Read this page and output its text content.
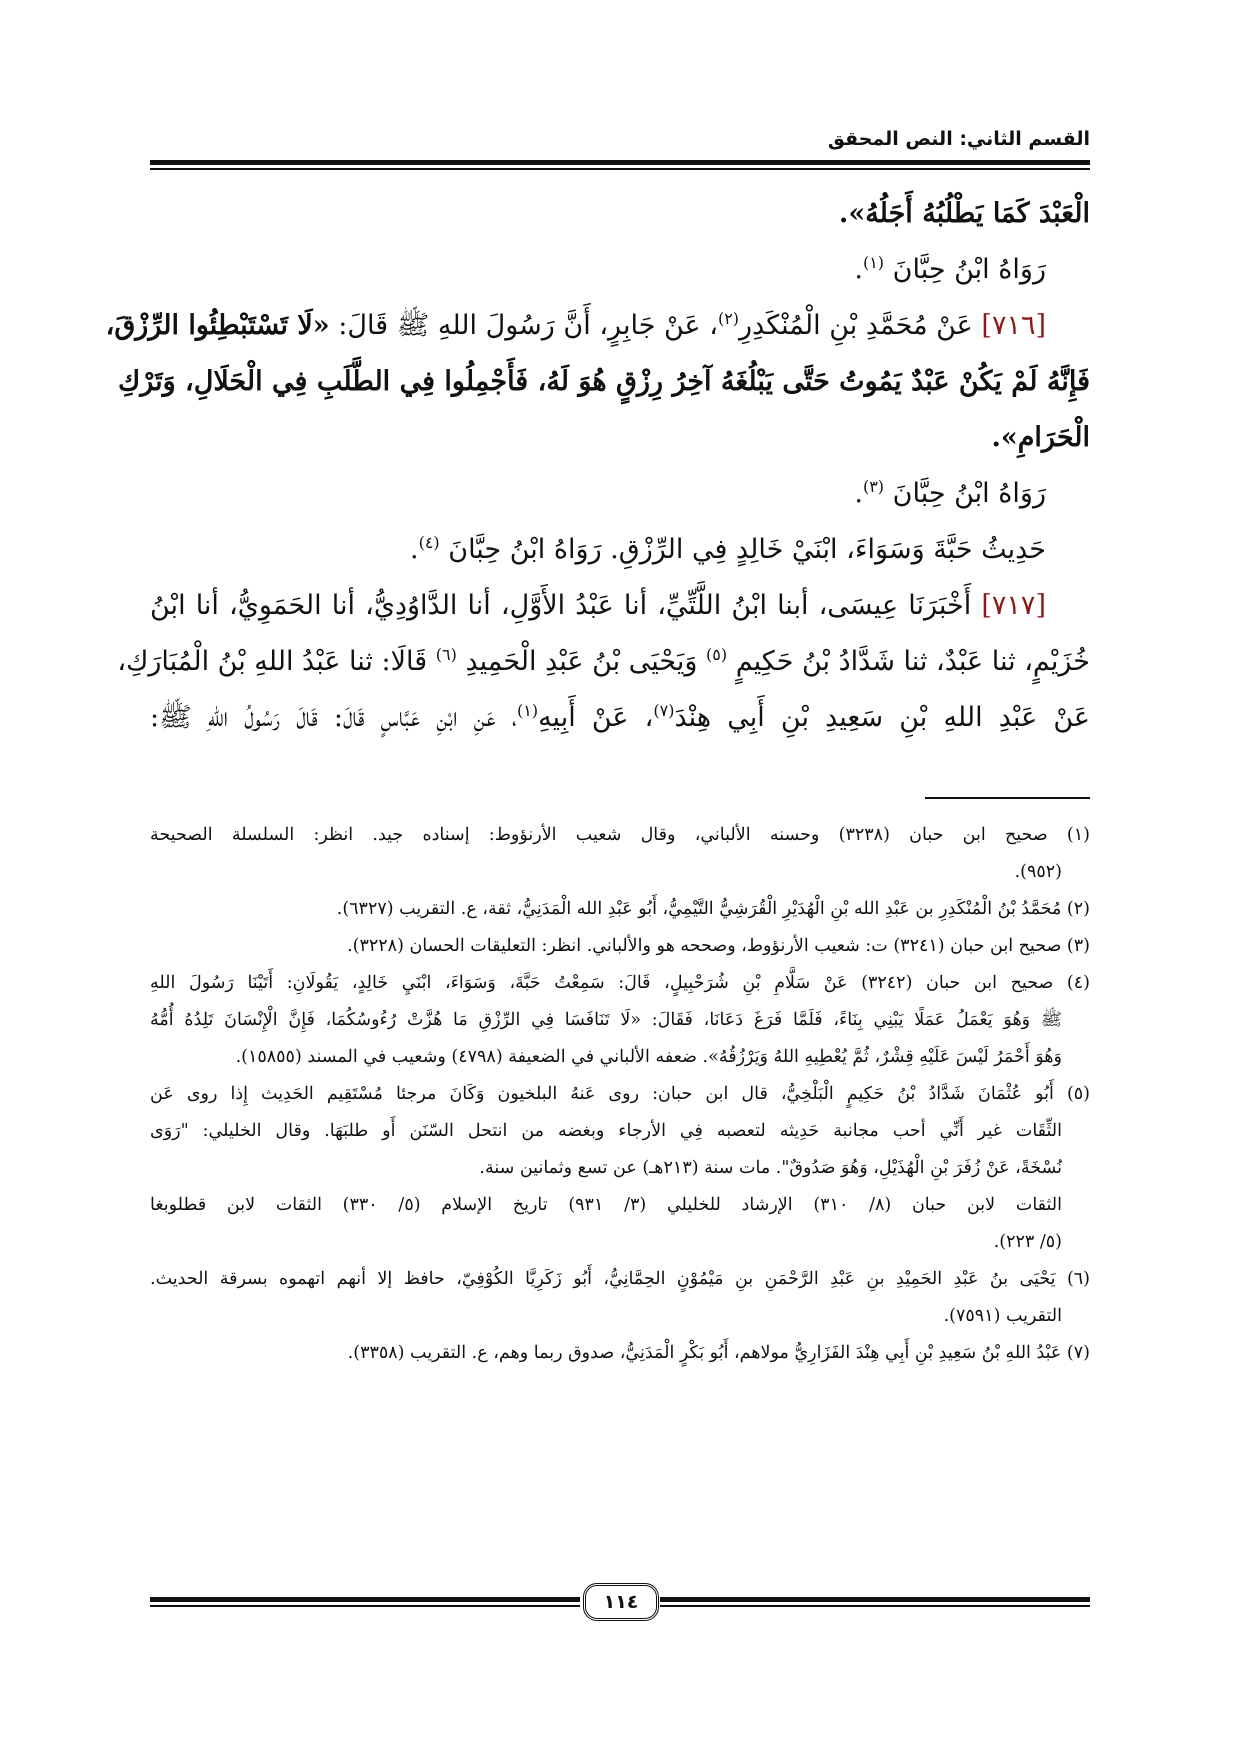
القسم الثاني: النص المحقق
الْعَبْدَ كَمَا يَطْلُبُهُ أَجَلُهُ».
رَوَاهُ ابْنُ حِبَّانَ $^{(١)}$.
[٧١٦] عَنْ مُحَمَّدِ بْنِ الْمُنْكَدِرِ$^{(٢)}$، عَنْ جَابِرٍ، أَنَّ رَسُولَ اللهِ ﷺ قَالَ: «لَا تَسْتَبْطِئُوا الرِّزْقَ،
فَإِنَّهُ لَمْ يَكُنْ عَبْدٌ يَمُوتُ حَتَّى يَبْلُغَهُ آخِرُ رِزْقٍ هُوَ لَهُ، فَأَجْمِلُوا فِي الطَّلَبِ فِي الْحَلَالِ، وَتَرْكِ
الْحَرَامِ».
رَوَاهُ ابْنُ حِبَّانَ $^{(٣)}$.
حَدِيثُ حَبَّةَ وَسَوَاءَ، ابْنَيْ خَالِدٍ فِي الرِّزْقِ. رَوَاهُ ابْنُ حِبَّانَ $^{(٤)}$.
[٧١٧] أَخْبَرَنَا عِيسَى، أبنا ابْنُ اللَّتِّيِّ، أنا عَبْدُ الأَوَّلِ، أنا الدَّاوُدِيُّ، أنا الحَمَوِيُّ، أنا ابْنُ
خُزَيْمٍ، ثنا عَبْدٌ، ثنا شَدَّادُ بْنُ حَكِيمٍ $^{(٥)}$ وَيَحْيَى بْنُ عَبْدِ الْحَمِيدِ $^{(٦)}$ قَالَا: ثنا عَبْدُ اللهِ بْنُ الْمُبَارَكِ،
عَنْ عَبْدِ اللهِ بْنِ سَعِيدِ بْنِ أَبِي هِنْدَ$^{(٧)}$، عَنْ أَبِيهِ$^{(١)}$، عَنِ ابْنِ عَبَّاسٍ قَالَ: قَالَ رَسُولُ اللهِ ﷺ:
(١) صحيح ابن حبان (٣٢٣٨) وحسنه الألباني، وقال شعيب الأرنؤوط: إسناده جيد. انظر: السلسلة الصحيحة
(٩٥٢).
(٢) مُحَمَّدُ بْنُ الْمُنْكَدِرِ بن عَبْدِ الله بْنِ الْهُدَيْرِ الْقُرَشِيُّ التَّيْمِيُّ، أَبُو عَبْدِ الله الْمَدَنِيُّ، ثقة، ع. التقريب (٦٣٢٧).
(٣) صحيح ابن حبان (٣٢٤١) ت: شعيب الأرنؤوط، وصححه هو والألباني. انظر: التعليقات الحسان (٣٢٢٨).
(٤) صحيح ابن حبان (٣٢٤٢) عَنْ سَلَّامِ بْنِ شُرَحْبِيلٍ، قَالَ: سَمِعْتُ حَبَّةَ، وَسَوَاءَ، ابْنَيِ خَالِدٍ، يَقُولَانِ: أَتَيْنَا رَسُولَ اللهِ
ﷺ وَهُوَ يَعْمَلُ عَمَلًا يَبْنِي بِنَاءً، فَلَمَّا فَرَغَ دَعَانَا، فَقَالَ: «لَا تَنَافَسَا فِي الرِّزْقِ مَا هُزَّتْ رُءُوسُكُمَا، فَإِنَّ الْإِنْسَانَ تَلِدُهُ أُمُّهُ
وَهُوَ أَحْمَرُ لَيْسَ عَلَيْهِ قِشْرٌ، ثُمَّ يُعْطِيهِ اللهُ وَيَرْزُقُهُ». ضعفه الألباني في الضعيفة (٤٧٩٨) وشعيب في المسند (١٥٨٥٥).
(٥) أَبُو عُثْمَانَ شَدَّادُ بْنُ حَكِيمٍ الْبَلْخِيُّ، قال ابن حبان: روى عَنهُ البلخيون وَكَانَ مرجئا مُسْتَقِيم الحَدِيث إِذا روى عَن
الثِّقَات غير أَنِّي أحب مجانبة حَدِيثه لتعصبه فِي الأرجاء وبغضه من انتحل السّنَن أَو طلبَهَا. وقال الخليلي: "رَوَى
نُسْخَةً، عَنْ زُفَرَ بْنِ الْهُذَيْلِ، وَهُوَ صَدُوقٌ". مات سنة (٢١٣هـ) عن تسع وثمانين سنة.
الثقات لابن حبان (٨/ ٣١٠) الإرشاد للخليلي (٣/ ٩٣١) تاريخ الإسلام (٥/ ٣٣٠) الثقات لابن قطلوبغا
(٥/ ٢٢٣).
(٦) يَحْيَى بنُ عَبْدِ الحَمِيْدِ بنِ عَبْدِ الرَّحْمَنِ بنِ مَيْمُوْنٍ الحِمَّانِيُّ، أَبُو زَكَرِيَّا الكُوْفِيّ، حافظ إلا أنهم اتهموه بسرقة الحديث.
التقريب (٧٥٩١).
(٧) عَبْدُ اللهِ بْنُ سَعِيدِ بْنِ أَبِي هِنْدَ الفَزَارِيُّ مولاهم، أَبُو بَكْرٍ الْمَدَنِيُّ، صدوق ربما وهم، ع. التقريب (٣٣٥٨).
١١٤
